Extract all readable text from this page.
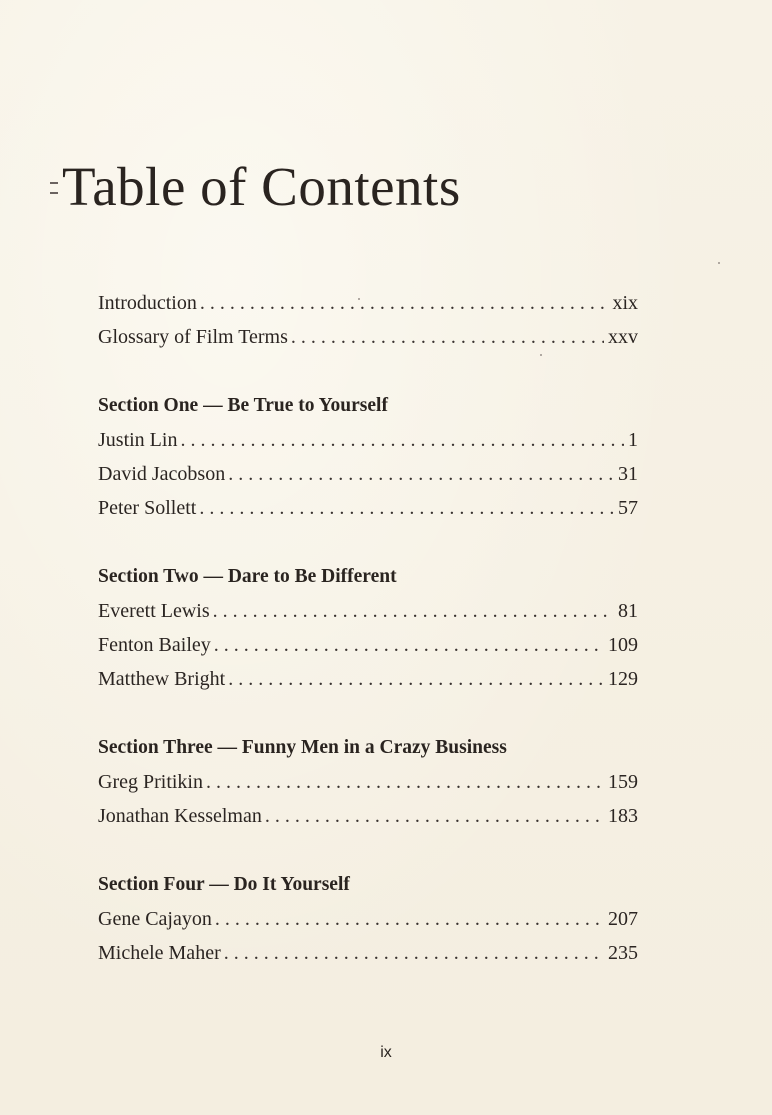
Table of Contents
Introduction . . .	xix
Glossary of Film Terms . . .	xxv
Section One — Be True to Yourself
Justin Lin . . .	1
David Jacobson . . .	31
Peter Sollett . . .	57
Section Two — Dare to Be Different
Everett Lewis . . .	81
Fenton Bailey . . .	109
Matthew Bright . . .	129
Section Three — Funny Men in a Crazy Business
Greg Pritikin . . .	159
Jonathan Kesselman . . .	183
Section Four — Do It Yourself
Gene Cajayon . . .	207
Michele Maher . . .	235
ix
